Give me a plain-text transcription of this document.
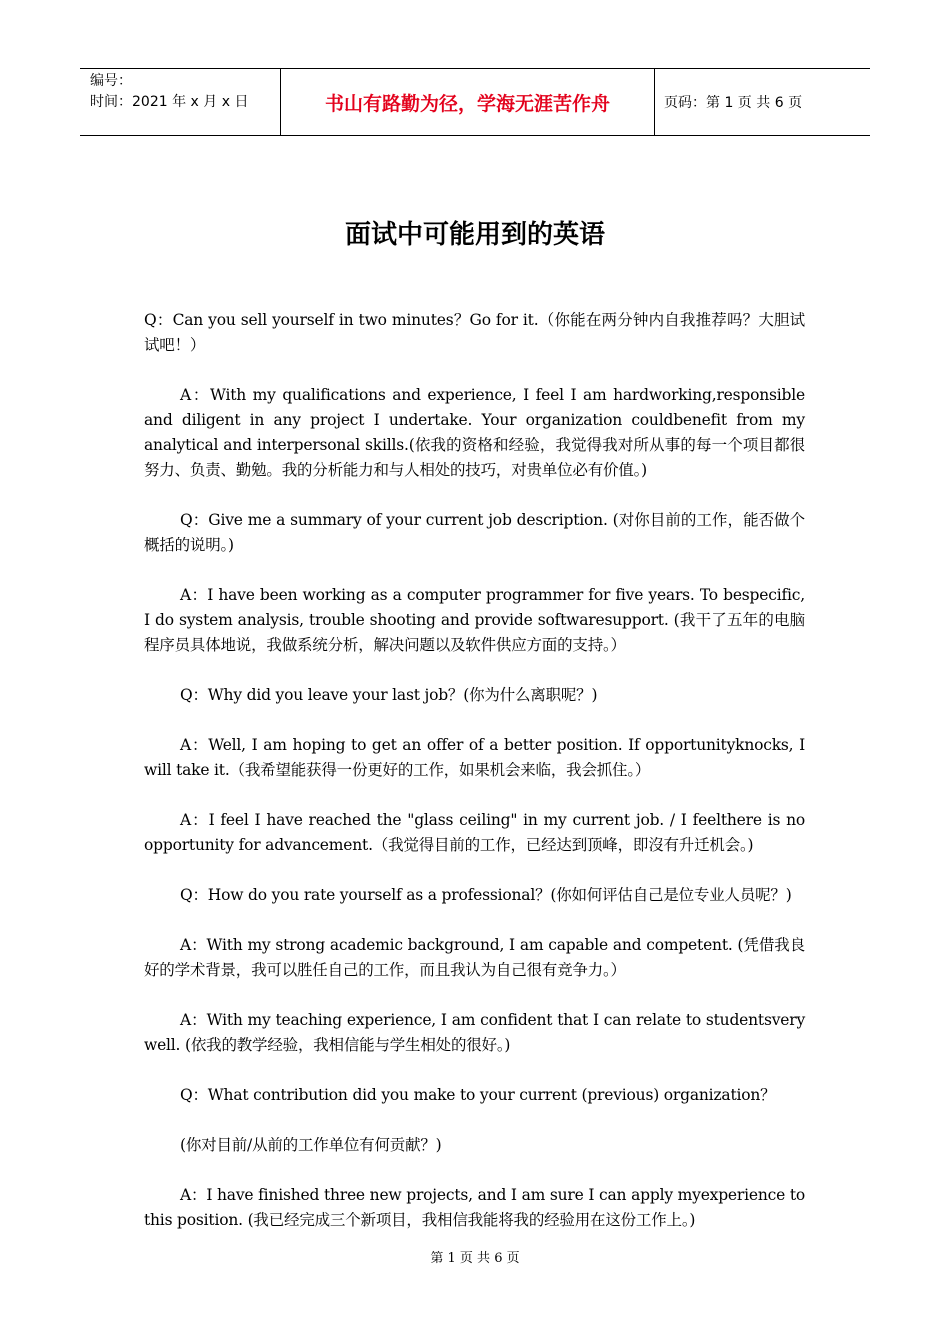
编号：
时间：2021 年 x 月 x 日	书山有路勤为径，学海无涯苦作舟	页码：第 1 页 共 6 页
面试中可能用到的英语

Q：Can you sell yourself in two minutes？Go for it.（你能在两分钟内自我推荐吗？大胆试试吧！）

A：With my qualifications and experience, I feel I am hardworking,responsible and diligent in any project I undertake. Your organization couldbenefit from my analytical and interpersonal skills.(依我的资格和经验，我觉得我对所从事的每一个项目都很努力、负责、勤勉。我的分析能力和与人相处的技巧，对贵单位必有价值。)

Q：Give me a summary of your current job description. (对你目前的工作，能否做个概括的说明。)

A：I have been working as a computer programmer for five years. To bespecific, I do system analysis, trouble shooting and provide softwaresupport. (我干了五年的电脑程序员具体地说，我做系统分析，解决问题以及软件供应方面的支持。）

Q：Why did you leave your last job？(你为什么离职呢？)

A：Well, I am hoping to get an offer of a better position. If opportunityknocks, I will take it.（我希望能获得一份更好的工作，如果机会来临，我会抓住。）

A：I feel I have reached the "glass ceiling" in my current job. / I feelthere is no opportunity for advancement.（我觉得目前的工作，已经达到顶峰，即沒有升迁机会。)

Q：How do you rate yourself as a professional？(你如何评估自己是位专业人员呢？)

A：With my strong academic background, I am capable and competent. (凭借我良好的学术背景，我可以胜任自己的工作，而且我认为自己很有竞争力。）

A：With my teaching experience, I am confident that I can relate to studentsvery well. (依我的教学经验，我相信能与学生相处的很好。)

Q：What contribution did you make to your current (previous) organization？

(你对目前/从前的工作单位有何贡献？)

A：I have finished three new projects, and I am sure I can apply myexperience to this position. (我已经完成三个新项目，我相信我能将我的经验用在这份工作上。)

第 1 页 共 6 页
